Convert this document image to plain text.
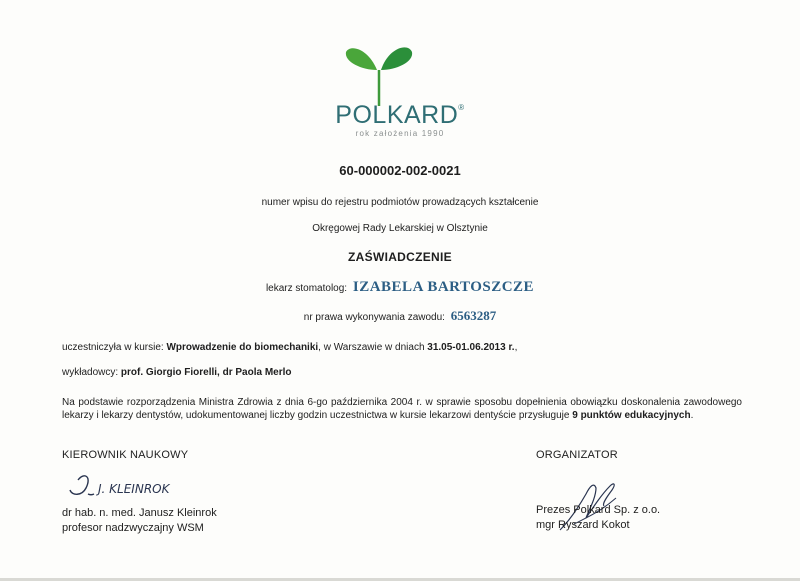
POLKARD®
rok założenia 1990
60-000002-002-0021
numer wpisu do rejestru podmiotów prowadzących kształcenie
Okręgowej Rady Lekarskiej w Olsztynie
ZAŚWIADCZENIE
lekarz stomatolog: IZABELA BARTOSZCZE
nr prawa wykonywania zawodu: 6563287
uczestniczyła w kursie: Wprowadzenie do biomechaniki, w Warszawie w dniach 31.05-01.06.2013 r.,
wykładowcy: prof. Giorgio Fiorelli, dr Paola Merlo
Na podstawie rozporządzenia Ministra Zdrowia z dnia 6-go października 2004 r. w sprawie sposobu dopełnienia obowiązku doskonalenia zawodowego lekarzy i lekarzy dentystów, udokumentowanej liczby godzin uczestnictwa w kursie lekarzowi dentyście przysługuje 9 punktów edukacyjnych.
KIEROWNIK NAUKOWY
J. KLEINROK
dr hab. n. med. Janusz Kleinrok
profesor nadzwyczajny WSM
ORGANIZATOR
Prezes Polkard Sp. z o.o.
mgr Ryszard Kokot
